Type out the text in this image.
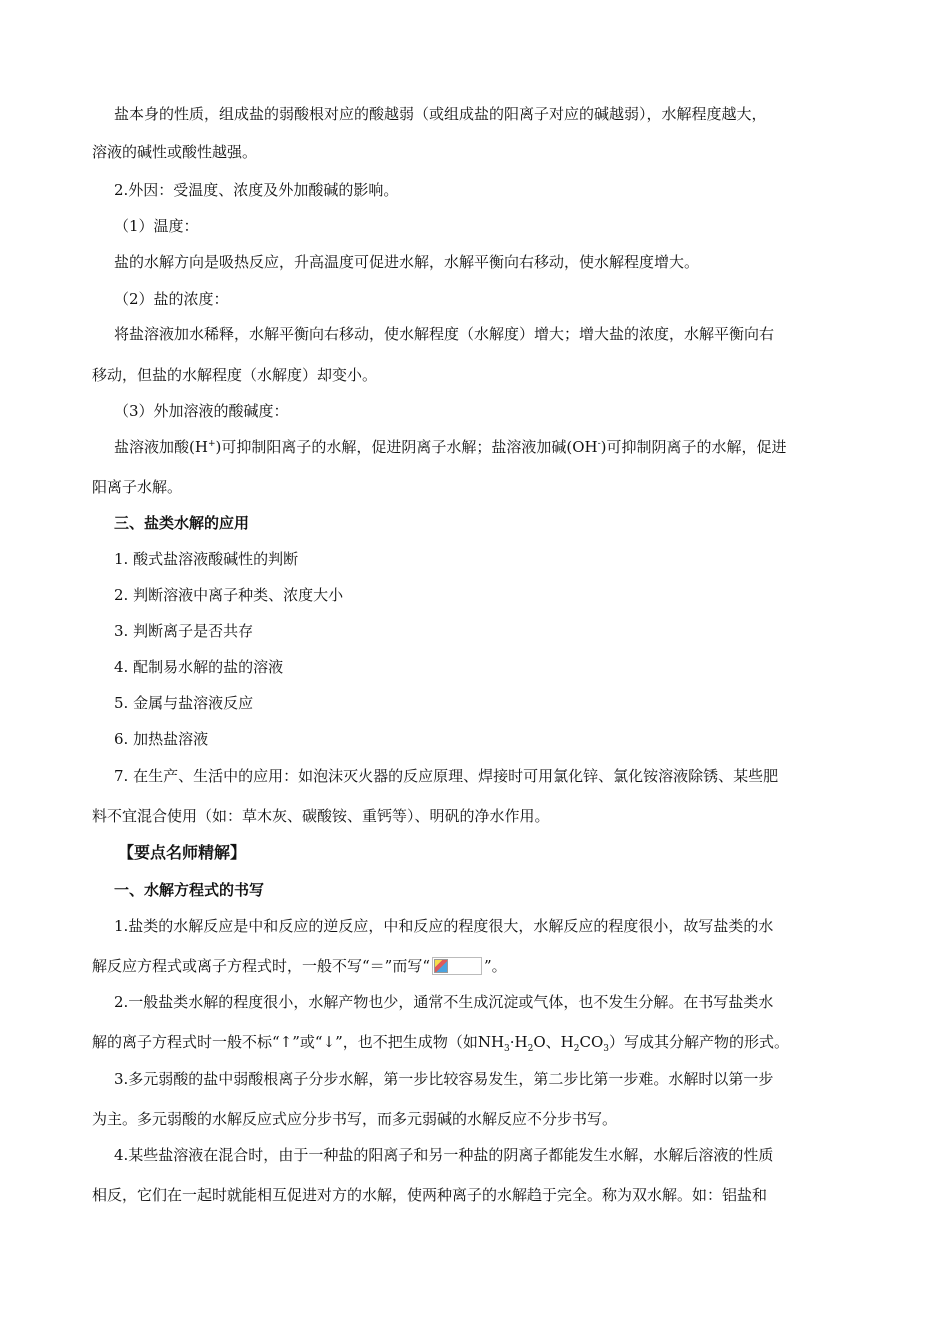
盐本身的性质，组成盐的弱酸根对应的酸越弱（或组成盐的阳离子对应的碱越弱），水解程度越大，
溶液的碱性或酸性越强。
2.外因：受温度、浓度及外加酸碱的影响。
（1）温度：
盐的水解方向是吸热反应，升高温度可促进水解，水解平衡向右移动，使水解程度增大。
（2）盐的浓度：
将盐溶液加水稀释，水解平衡向右移动，使水解程度（水解度）增大；增大盐的浓度，水解平衡向右
移动，但盐的水解程度（水解度）却变小。
（3）外加溶液的酸碱度：
盐溶液加酸(H+)可抑制阳离子的水解，促进阴离子水解；盐溶液加碱(OH-)可抑制阴离子的水解，促进
阳离子水解。
三、盐类水解的应用
1. 酸式盐溶液酸碱性的判断
2. 判断溶液中离子种类、浓度大小
3. 判断离子是否共存
4. 配制易水解的盐的溶液
5. 金属与盐溶液反应
6. 加热盐溶液
7. 在生产、生活中的应用：如泡沫灭火器的反应原理、焊接时可用氯化锌、氯化铵溶液除锈、某些肥
料不宜混合使用（如：草木灰、碳酸铵、重钙等）、明矾的净水作用。
【要点名师精解】
一、水解方程式的书写
1.盐类的水解反应是中和反应的逆反应，中和反应的程度很大，水解反应的程度很小，故写盐类的水
解反应方程式或离子方程式时，一般不写“＝”而写“	”。
2.一般盐类水解的程度很小，水解产物也少，通常不生成沉淀或气体，也不发生分解。在书写盐类水
解的离子方程式时一般不标“↑”或“↓”，也不把生成物（如$NH_3\cdot H_2O$、$H_2CO_3$）写成其分解产物的形式。
3.多元弱酸的盐中弱酸根离子分步水解，第一步比较容易发生，第二步比第一步难。水解时以第一步
为主。多元弱酸的水解反应式应分步书写，而多元弱碱的水解反应不分步书写。
4.某些盐溶液在混合时，由于一种盐的阳离子和另一种盐的阴离子都能发生水解，水解后溶液的性质
相反，它们在一起时就能相互促进对方的水解，使两种离子的水解趋于完全。称为双水解。如：铝盐和
